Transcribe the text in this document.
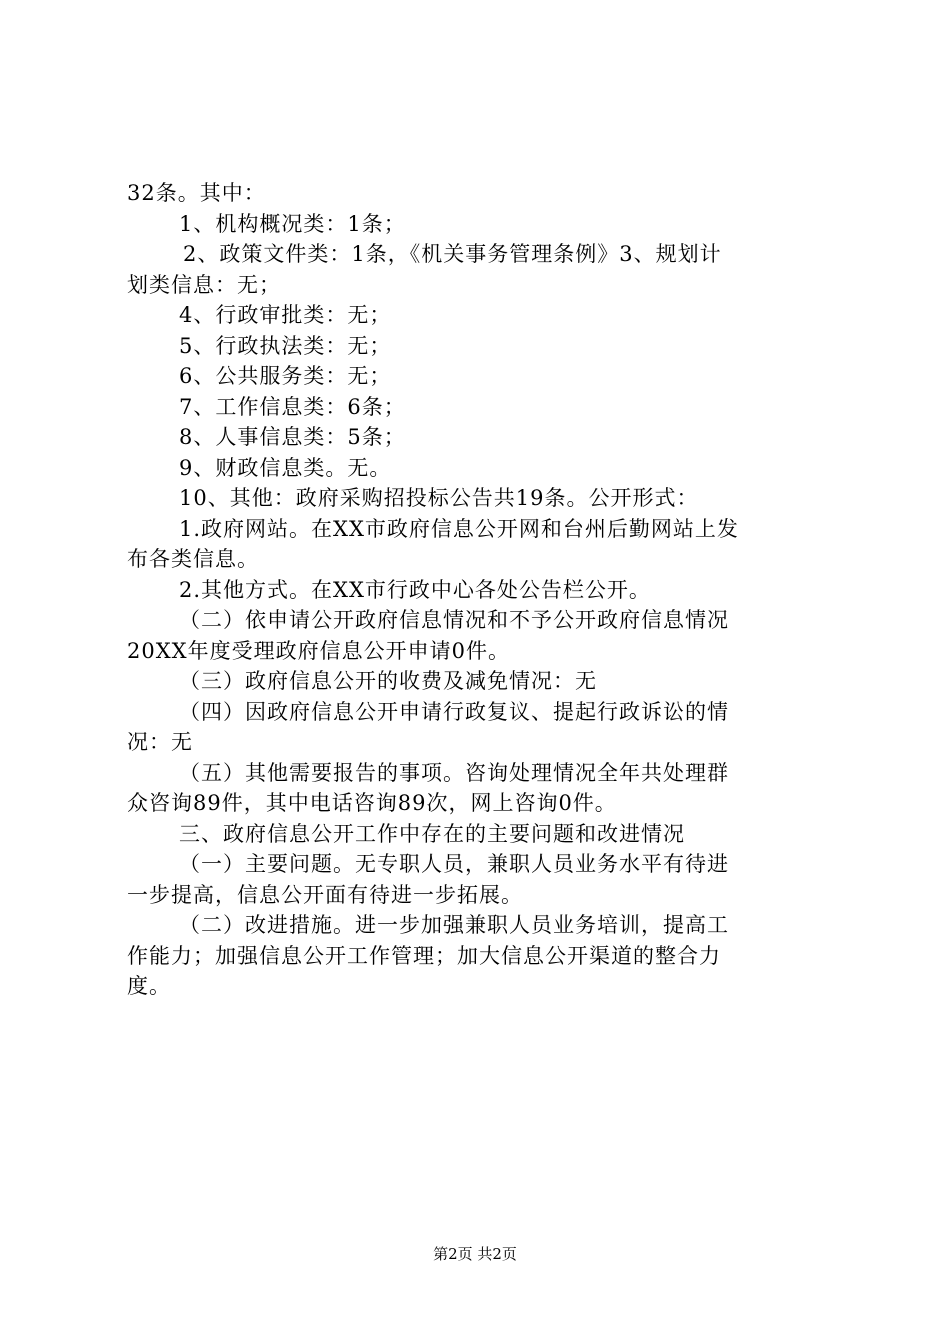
32条。其中：
1、机构概况类：1条；
2、政策文件类：1条，《机关事务管理条例》3、规划计
划类信息：无；
4、行政审批类：无；
5、行政执法类：无；
6、公共服务类：无；
7、工作信息类：6条；
8、人事信息类：5条；
9、财政信息类。无。
10、其他：政府采购招投标公告共19条。公开形式：
1.政府网站。在XX市政府信息公开网和台州后勤网站上发
布各类信息。
2.其他方式。在XX市行政中心各处公告栏公开。
（二）依申请公开政府信息情况和不予公开政府信息情况
20XX年度受理政府信息公开申请0件。
（三）政府信息公开的收费及减免情况：无
（四）因政府信息公开申请行政复议、提起行政诉讼的情
况：无
（五）其他需要报告的事项。咨询处理情况全年共处理群
众咨询89件，其中电话咨询89次，网上咨询0件。
三、政府信息公开工作中存在的主要问题和改进情况
（一）主要问题。无专职人员，兼职人员业务水平有待进
一步提高，信息公开面有待进一步拓展。
（二）改进措施。进一步加强兼职人员业务培训，提高工
作能力；加强信息公开工作管理；加大信息公开渠道的整合力
度。
第2页 共2页
